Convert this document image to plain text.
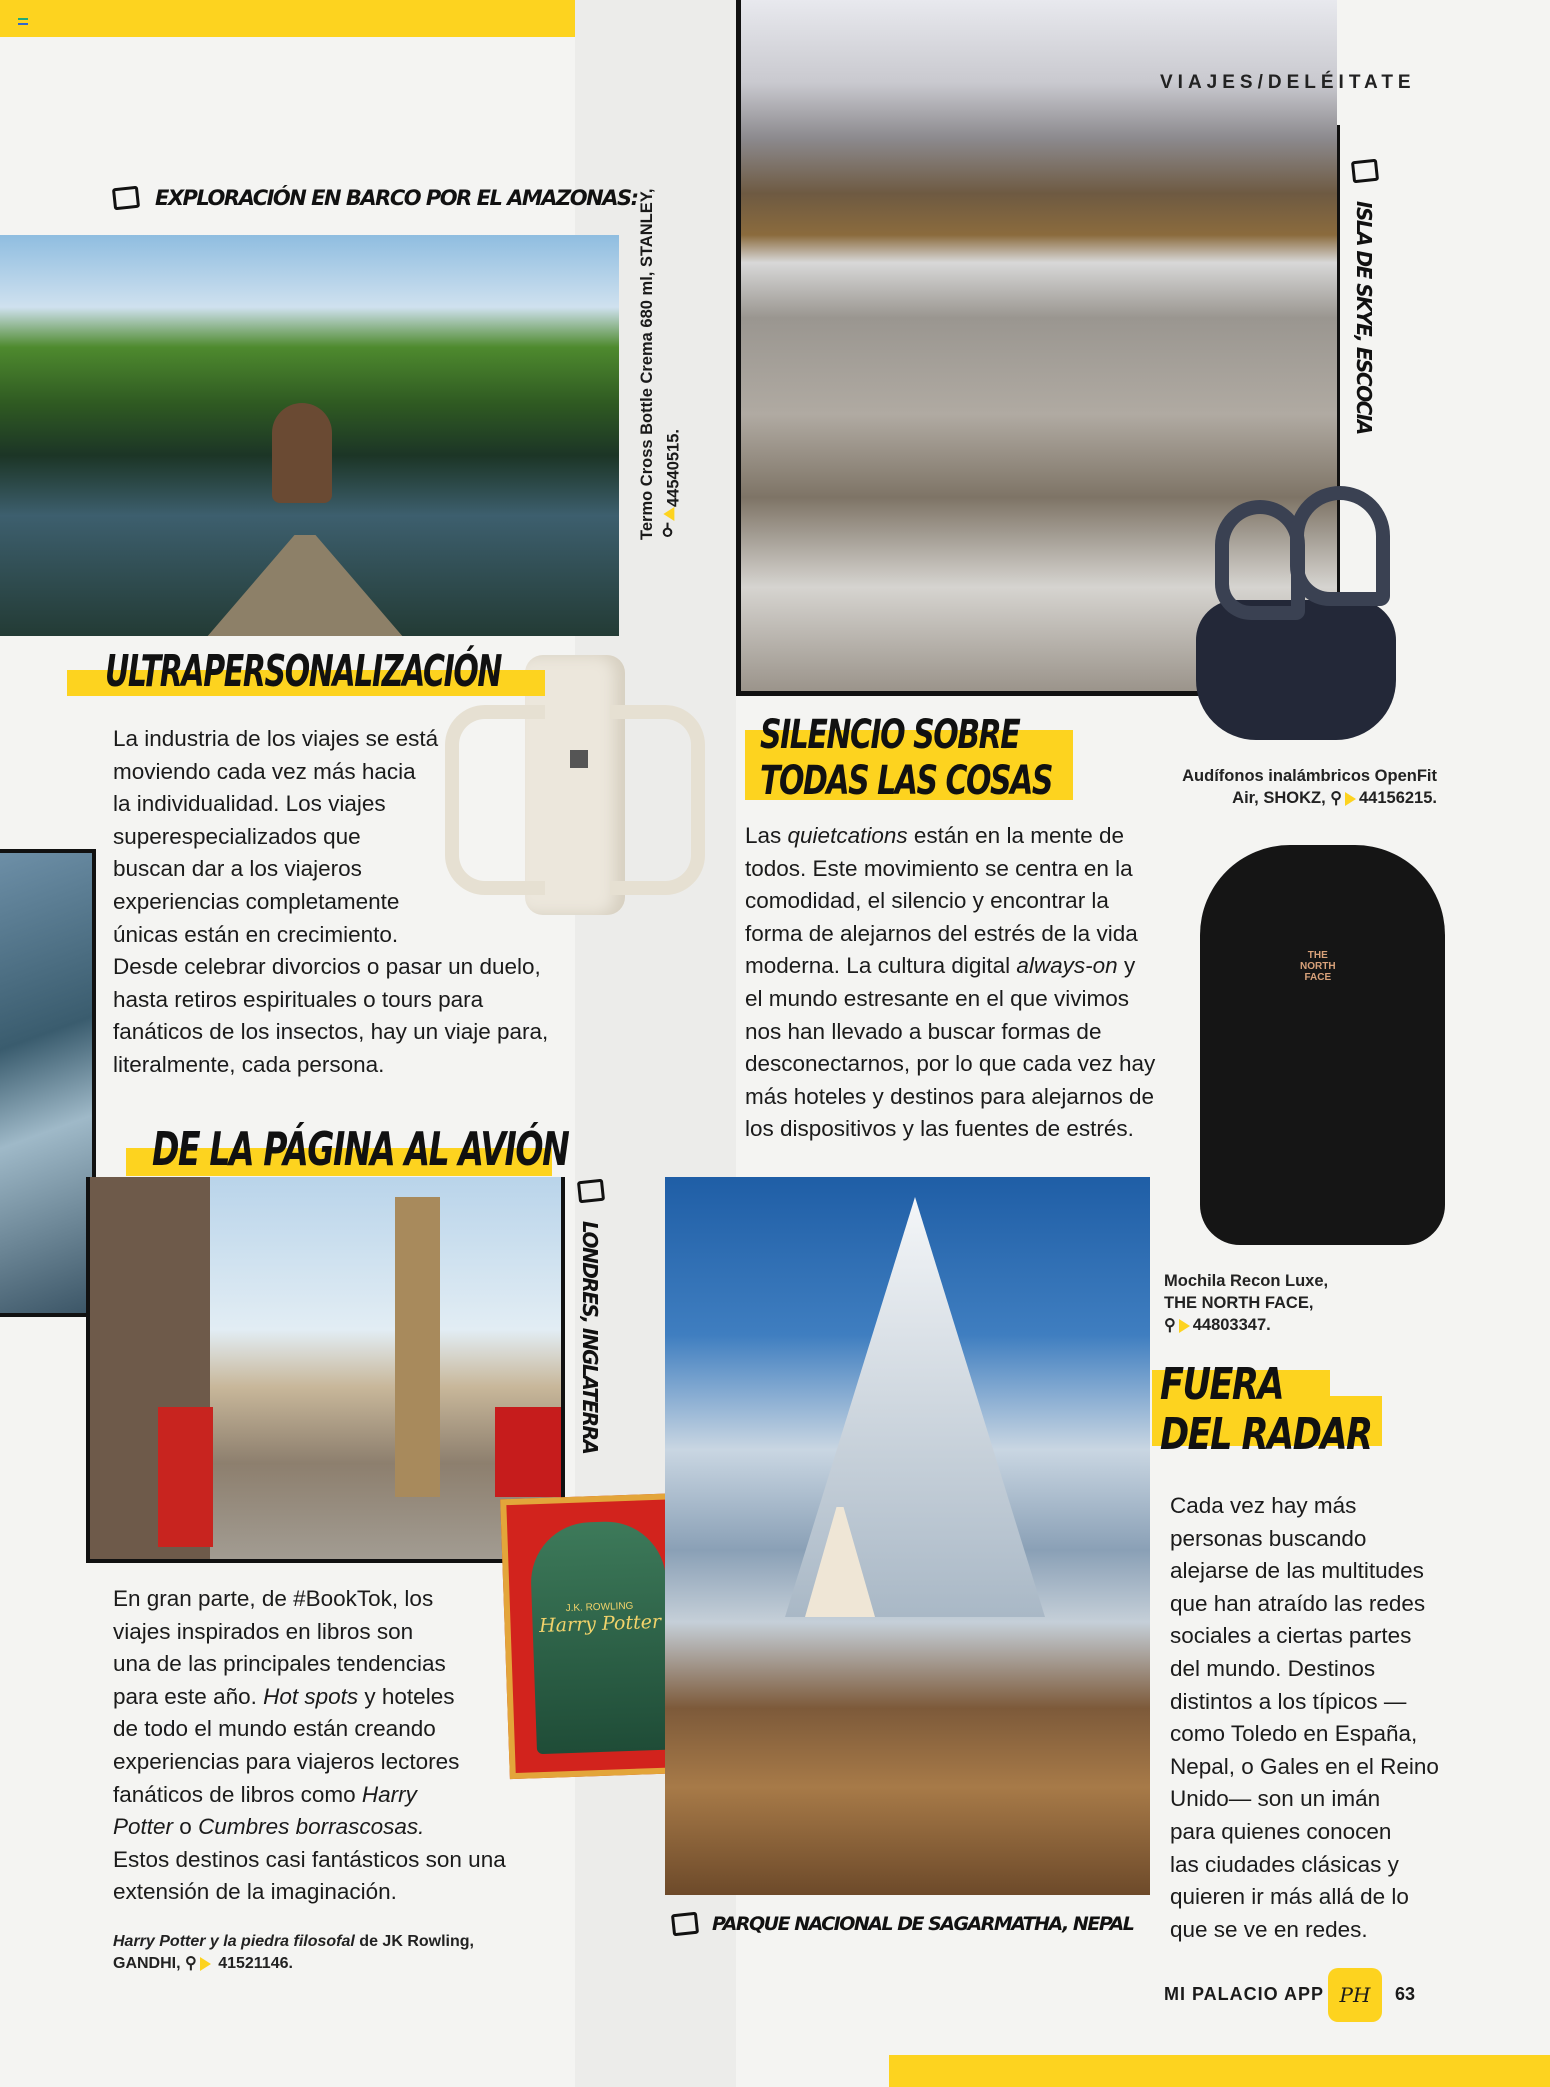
EXPLORACIÓN EN BARCO POR EL AMAZONAS: Termo Cross Bottle Crema 680 ml, STANLEY, ⚲44540515.
VIAJES/DELÉITATE
ISLA DE SKYE, ESCOCIA
Audífonos inalámbricos OpenFit
Air, SHOKZ, ⚲ 44156215.
ULTRAPERSONALIZACIÓN
La industria de los viajes se está
moviendo cada vez más hacia
la individualidad. Los viajes
superespecializados que
buscan dar a los viajeros
experiencias completamente
únicas están en crecimiento.
Desde celebrar divorcios o pasar un duelo,
hasta retiros espirituales o tours para
fanáticos de los insectos, hay un viaje para,
literalmente, cada persona.
SILENCIO SOBRE
TODAS LAS COSAS
Las quietcations están en la mente de
todos. Este movimiento se centra en la
comodidad, el silencio y encontrar la
forma de alejarnos del estrés de la vida
moderna. La cultura digital always-on y
el mundo estresante en el que vivimos
nos han llevado a buscar formas de
desconectarnos, por lo que cada vez hay
más hoteles y destinos para alejarnos de
los dispositivos y las fuentes de estrés.
THE
NORTH
FACE
Mochila Recon Luxe,
THE NORTH FACE,
⚲ 44803347.
DE LA PÁGINA AL AVIÓN
LONDRES, INGLATERRA
J.K. ROWLING
Harry Potter
En gran parte, de #BookTok, los
viajes inspirados en libros son
una de las principales tendencias
para este año. Hot spots y hoteles
de todo el mundo están creando
experiencias para viajeros lectores
fanáticos de libros como Harry
Potter o Cumbres borrascosas.
Estos destinos casi fantásticos son una
extensión de la imaginación.
Harry Potter y la piedra filosofal de JK Rowling,
GANDHI, ⚲ 41521146.
PARQUE NACIONAL DE SAGARMATHA, NEPAL
FUERA
DEL RADAR
Cada vez hay más
personas buscando
alejarse de las multitudes
que han atraído las redes
sociales a ciertas partes
del mundo. Destinos
distintos a los típicos —
como Toledo en España,
Nepal, o Gales en el Reino
Unido— son un imán
para quienes conocen
las ciudades clásicas y
quieren ir más allá de lo
que se ve en redes.
MI PALACIO APP PH 63
